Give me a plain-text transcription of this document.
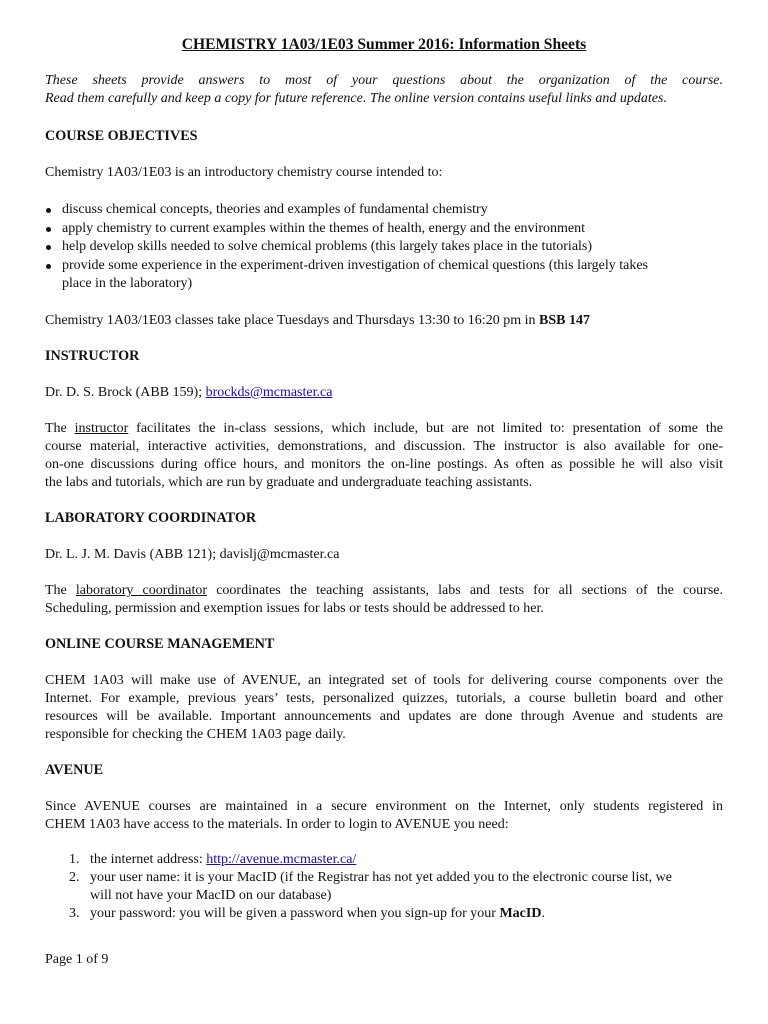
CHEMISTRY 1A03/1E03 Summer 2016: Information Sheets
These sheets provide answers to most of your questions about the organization of the course.
Read them carefully and keep a copy for future reference. The online version contains useful links and updates.
COURSE OBJECTIVES

Chemistry 1A03/1E03 is an introductory chemistry course intended to:

discuss chemical concepts, theories and examples of fundamental chemistry
apply chemistry to current examples within the themes of health, energy and the environment
help develop skills needed to solve chemical problems (this largely takes place in the tutorials)
provide some experience in the experiment-driven investigation of chemical questions (this largely takes
place in the laboratory)

Chemistry 1A03/1E03 classes take place Tuesdays and Thursdays 13:30 to 16:20 pm in BSB 147

INSTRUCTOR

Dr. D. S. Brock (ABB 159); brockds@mcmaster.ca

The instructor facilitates the in-class sessions, which include, but are not limited to: presentation of some the
course material, interactive activities, demonstrations, and discussion. The instructor is also available for one-
on-one discussions during office hours, and monitors the on-line postings. As often as possible he will also visit
the labs and tutorials, which are run by graduate and undergraduate teaching assistants.

LABORATORY COORDINATOR

Dr. L. J. M. Davis (ABB 121); davislj@mcmaster.ca

The laboratory coordinator coordinates the teaching assistants, labs and tests for all sections of the course.
Scheduling, permission and exemption issues for labs or tests should be addressed to her.

ONLINE COURSE MANAGEMENT

CHEM 1A03 will make use of AVENUE, an integrated set of tools for delivering course components over the
Internet. For example, previous years’ tests, personalized quizzes, tutorials, a course bulletin board and other
resources will be available. Important announcements and updates are done through Avenue and students are
responsible for checking the CHEM 1A03 page daily.

AVENUE

Since AVENUE courses are maintained in a secure environment on the Internet, only students registered in
CHEM 1A03 have access to the materials. In order to login to AVENUE you need:

1. the internet address: http://avenue.mcmaster.ca/
2. your user name: it is your MacID (if the Registrar has not yet added you to the electronic course list, we
will not have your MacID on our database)
3. your password: you will be given a password when you sign-up for your MacID.
Page 1 of 9
